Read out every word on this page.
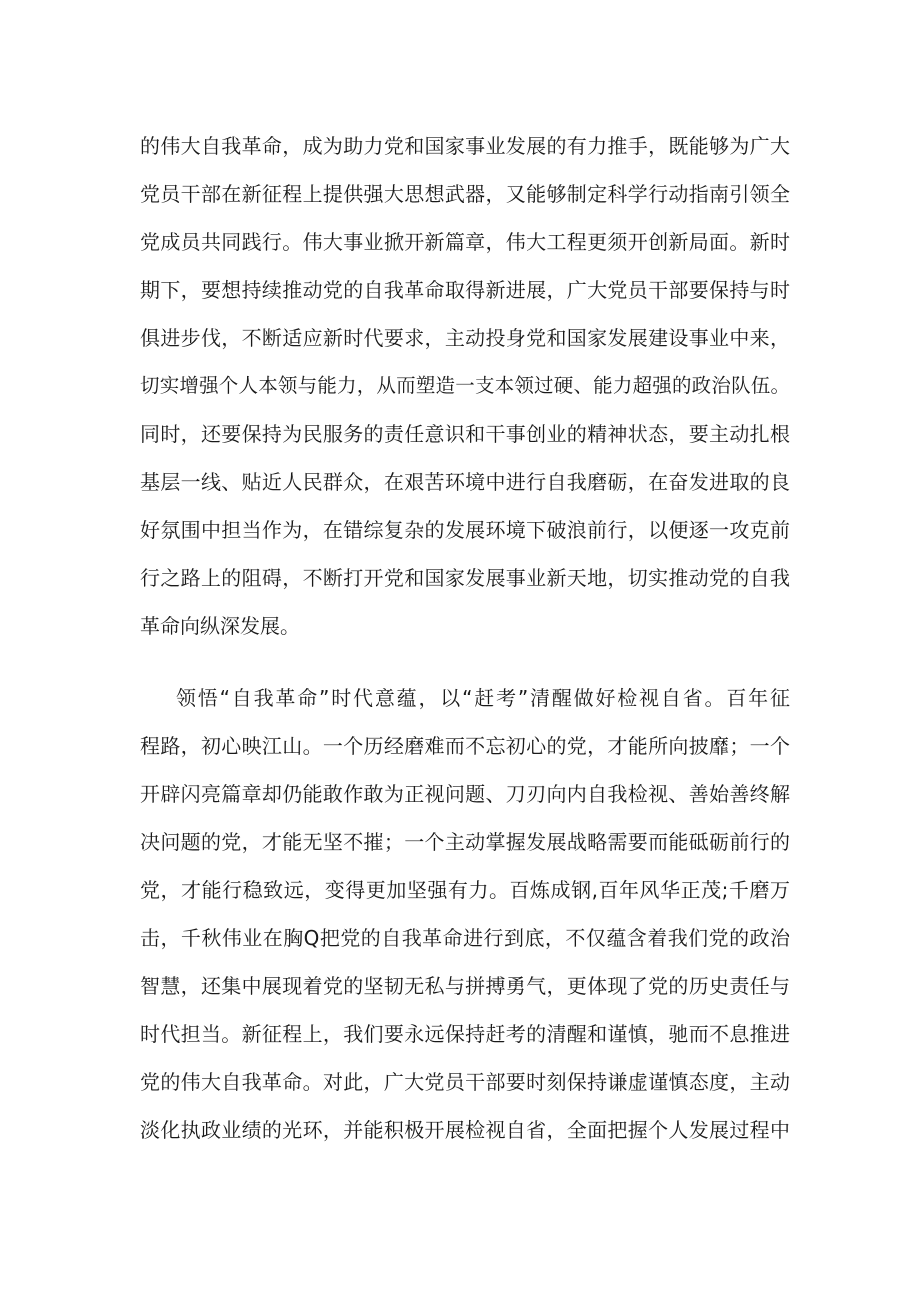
的伟大自我革命，成为助力党和国家事业发展的有力推手，既能够为广大
党员干部在新征程上提供强大思想武器，又能够制定科学行动指南引领全
党成员共同践行。伟大事业掀开新篇章，伟大工程更须开创新局面。新时
期下，要想持续推动党的自我革命取得新进展，广大党员干部要保持与时
俱进步伐，不断适应新时代要求，主动投身党和国家发展建设事业中来，
切实增强个人本领与能力，从而塑造一支本领过硬、能力超强的政治队伍。
同时，还要保持为民服务的责任意识和干事创业的精神状态，要主动扎根
基层一线、贴近人民群众，在艰苦环境中进行自我磨砺，在奋发进取的良
好氛围中担当作为，在错综复杂的发展环境下破浪前行，以便逐一攻克前
行之路上的阻碍，不断打开党和国家发展事业新天地，切实推动党的自我
革命向纵深发展。
领悟“自我革命”时代意蕴，以“赶考”清醒做好检视自省。百年征
程路，初心映江山。一个历经磨难而不忘初心的党，才能所向披靡；一个
开辟闪亮篇章却仍能敢作敢为正视问题、刀刃向内自我检视、善始善终解
决问题的党，才能无坚不摧；一个主动掌握发展战略需要而能砥砺前行的
党，才能行稳致远，变得更加坚强有力。百炼成钢,百年风华正茂;千磨万
击，千秋伟业在胸Q把党的自我革命进行到底，不仅蕴含着我们党的政治
智慧，还集中展现着党的坚韧无私与拼搏勇气，更体现了党的历史责任与
时代担当。新征程上，我们要永远保持赶考的清醒和谨慎，驰而不息推进
党的伟大自我革命。对此，广大党员干部要时刻保持谦虚谨慎态度，主动
淡化执政业绩的光环，并能积极开展检视自省，全面把握个人发展过程中
